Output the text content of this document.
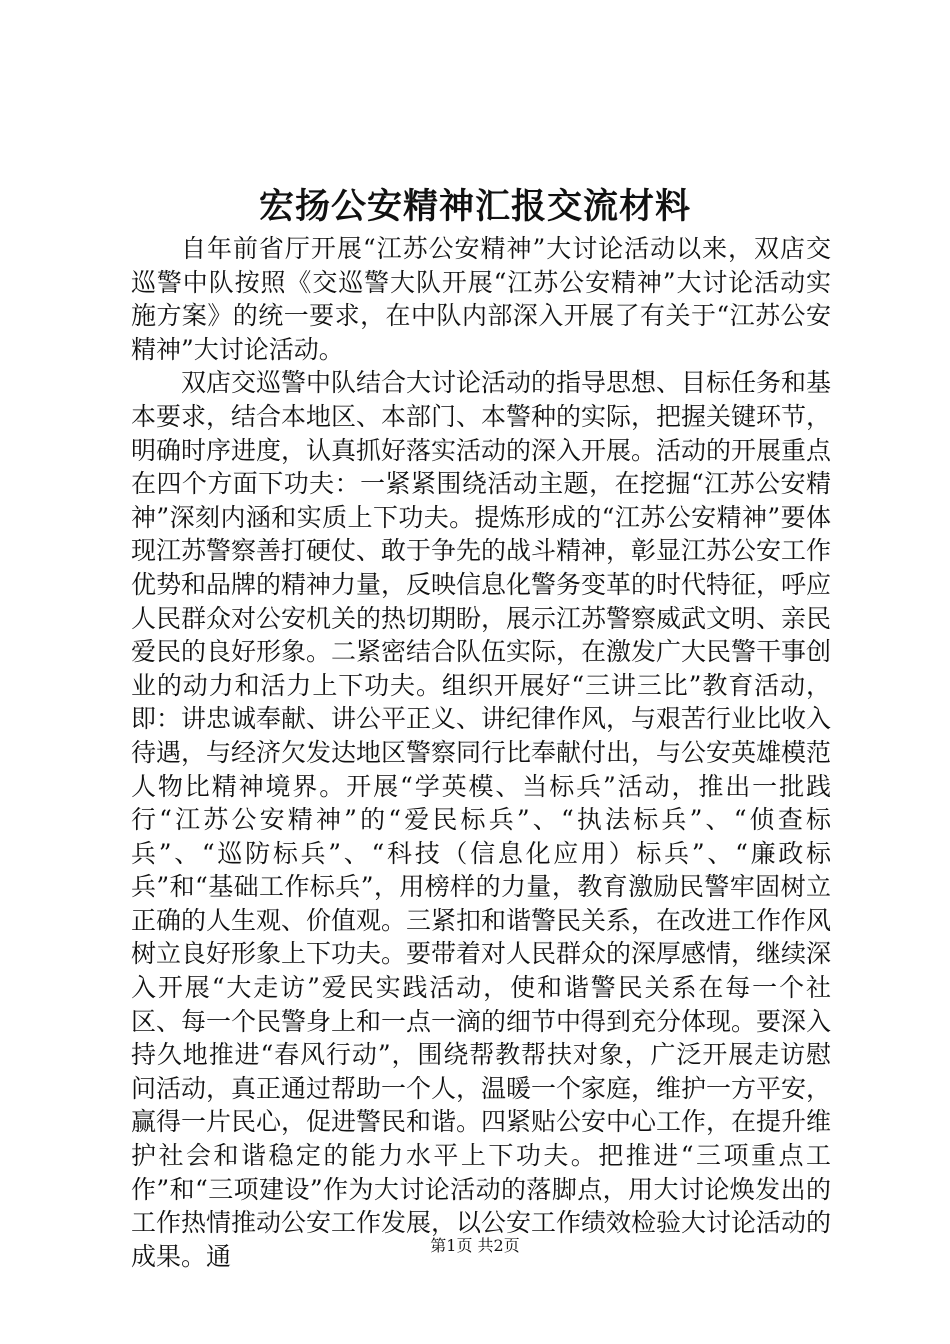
宏扬公安精神汇报交流材料

自年前省厅开展“江苏公安精神”大讨论活动以来，双店交巡警中队按照《交巡警大队开展“江苏公安精神”大讨论活动实施方案》的统一要求，在中队内部深入开展了有关于“江苏公安精神”大讨论活动。

双店交巡警中队结合大讨论活动的指导思想、目标任务和基本要求，结合本地区、本部门、本警种的实际，把握关键环节，明确时序进度，认真抓好落实活动的深入开展。活动的开展重点在四个方面下功夫：一紧紧围绕活动主题，在挖掘“江苏公安精神”深刻内涵和实质上下功夫。提炼形成的“江苏公安精神”要体现江苏警察善打硬仗、敢于争先的战斗精神，彰显江苏公安工作优势和品牌的精神力量，反映信息化警务变革的时代特征，呼应人民群众对公安机关的热切期盼，展示江苏警察威武文明、亲民爱民的良好形象。二紧密结合队伍实际，在激发广大民警干事创业的动力和活力上下功夫。组织开展好“三讲三比”教育活动，即：讲忠诚奉献、讲公平正义、讲纪律作风，与艰苦行业比收入待遇，与经济欠发达地区警察同行比奉献付出，与公安英雄模范人物比精神境界。开展“学英模、当标兵”活动，推出一批践行“江苏公安精神”的“爱民标兵”、“执法标兵”、“侦查标兵”、“巡防标兵”、“科技（信息化应用）标兵”、“廉政标兵”和“基础工作标兵”，用榜样的力量，教育激励民警牢固树立正确的人生观、价值观。三紧扣和谐警民关系，在改进工作作风树立良好形象上下功夫。要带着对人民群众的深厚感情，继续深入开展“大走访”爱民实践活动，使和谐警民关系在每一个社区、每一个民警身上和一点一滴的细节中得到充分体现。要深入持久地推进“春风行动”，围绕帮教帮扶对象，广泛开展走访慰问活动，真正通过帮助一个人，温暖一个家庭，维护一方平安，赢得一片民心，促进警民和谐。四紧贴公安中心工作，在提升维护社会和谐稳定的能力水平上下功夫。把推进“三项重点工作”和“三项建设”作为大讨论活动的落脚点，用大讨论焕发出的工作热情推动公安工作发展，以公安工作绩效检验大讨论活动的成果。通	第1页 共2页
